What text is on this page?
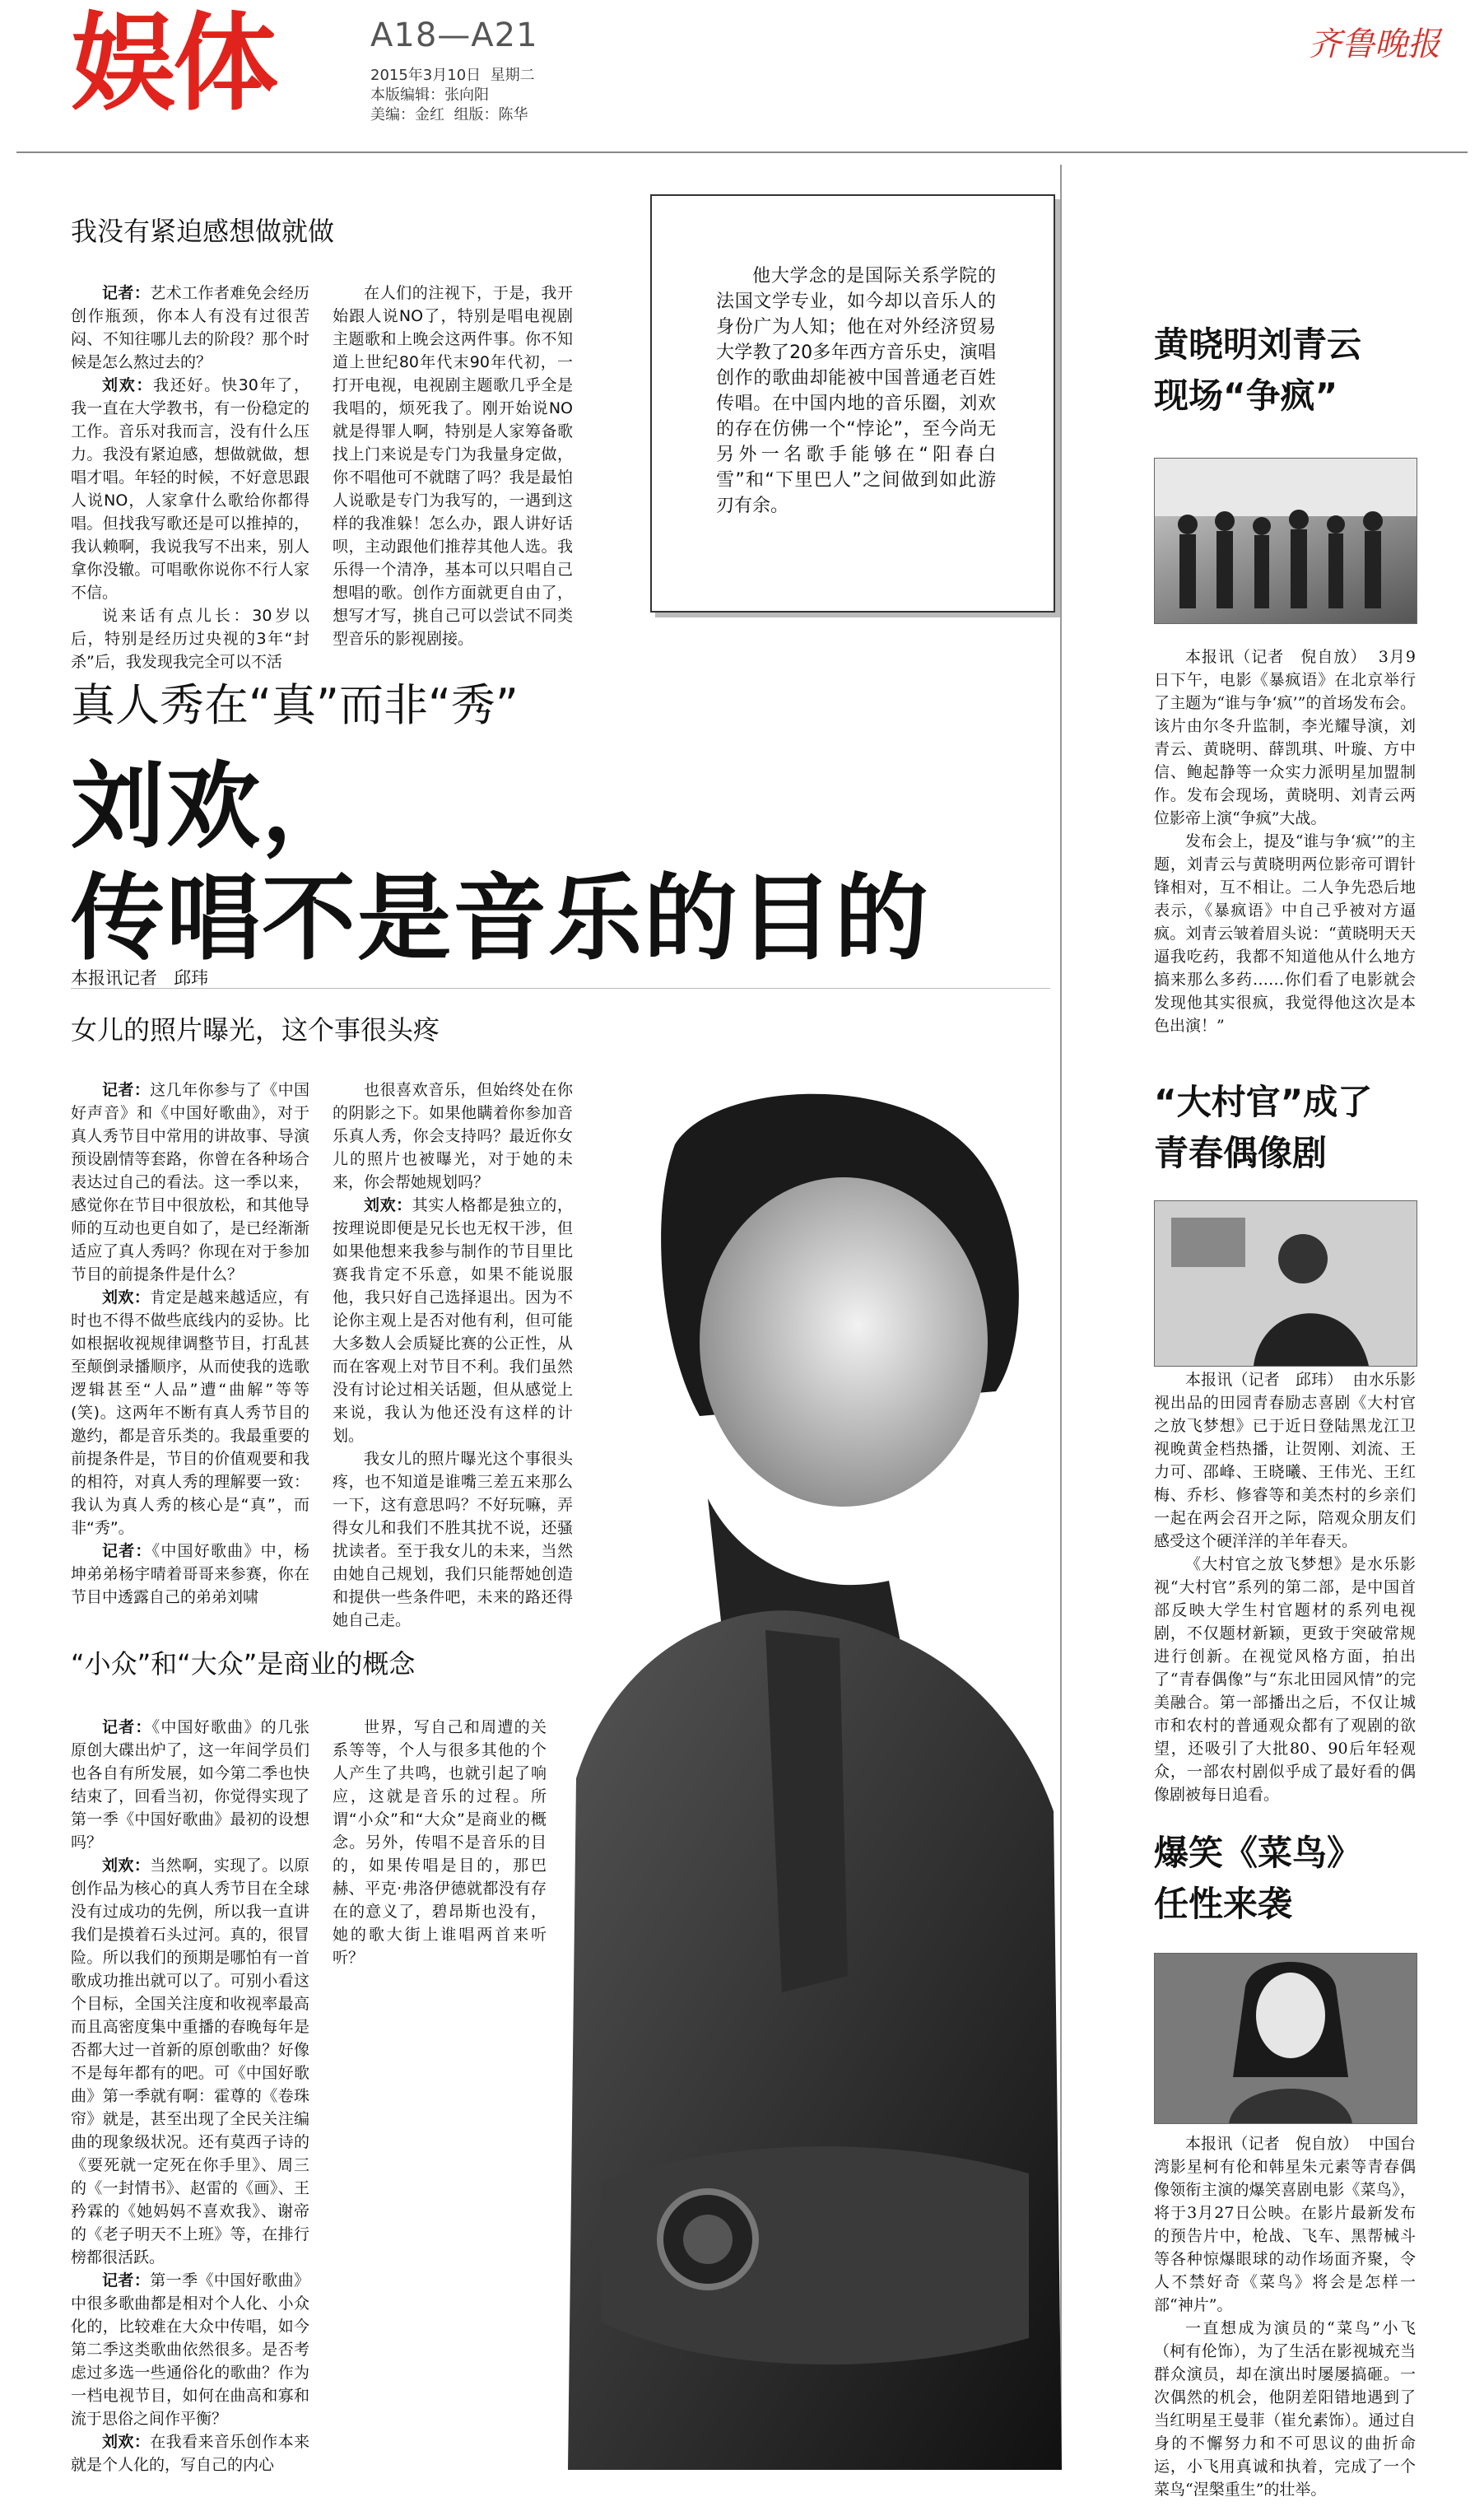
娱体	A18—A21	齐鲁晚报
2015年3月10日 星期二
本版编辑：张向阳
美编：金红 组版：陈华
我没有紧迫感想做就做

记者：艺术工作者难免会经历创作瓶颈，你本人有没有过很苦闷、不知往哪儿去的阶段？那个时候是怎么熬过去的？

刘欢：我还好。快30年了，我一直在大学教书，有一份稳定的工作。音乐对我而言，没有什么压力。我没有紧迫感，想做就做，想唱才唱。年轻的时候，不好意思跟人说NO，人家拿什么歌给你都得唱。但找我写歌还是可以推掉的，我认赖啊，我说我写不出来，别人拿你没辙。可唱歌你说你不行人家不信。

说来话有点儿长：30岁以后，特别是经历过央视的3年“封杀”后，我发现我完全可以不活

在人们的注视下，于是，我开始跟人说NO了，特别是唱电视剧主题歌和上晚会这两件事。你不知道上世纪80年代末90年代初，一打开电视，电视剧主题歌几乎全是我唱的，烦死我了。刚开始说NO就是得罪人啊，特别是人家筹备歌找上门来说是专门为我量身定做，你不唱他可不就瞎了吗？我是最怕人说歌是专门为我写的，一遇到这样的我准躲！怎么办，跟人讲好话呗，主动跟他们推荐其他人选。我乐得一个清净，基本可以只唱自己想唱的歌。创作方面就更自由了，想写才写，挑自己可以尝试不同类型音乐的影视剧接。

他大学念的是国际关系学院的法国文学专业，如今却以音乐人的身份广为人知；他在对外经济贸易大学教了20多年西方音乐史，演唱创作的歌曲却能被中国普通老百姓传唱。在中国内地的音乐圈，刘欢的存在仿佛一个“悖论”，至今尚无另外一名歌手能够在“阳春白雪”和“下里巴人”之间做到如此游刃有余。

真人秀在“真”而非“秀”
刘欢，
传唱不是音乐的目的
本报讯记者 邱玮
女儿的照片曝光，这个事很头疼

记者：这几年你参与了《中国好声音》和《中国好歌曲》，对于真人秀节目中常用的讲故事、导演预设剧情等套路，你曾在各种场合表达过自己的看法。这一季以来，感觉你在节目中很放松，和其他导师的互动也更自如了，是已经渐渐适应了真人秀吗？你现在对于参加节目的前提条件是什么？

刘欢：肯定是越来越适应，有时也不得不做些底线内的妥协。比如根据收视规律调整节目，打乱甚至颠倒录播顺序，从而使我的选歌逻辑甚至“人品”遭“曲解”等等(笑)。这两年不断有真人秀节目的邀约，都是音乐类的。我最重要的前提条件是，节目的价值观要和我的相符，对真人秀的理解要一致：我认为真人秀的核心是“真”，而非“秀”。

记者：《中国好歌曲》中，杨坤弟弟杨宇晴着哥哥来参赛，你在节目中透露自己的弟弟刘啸

也很喜欢音乐，但始终处在你的阴影之下。如果他瞒着你参加音乐真人秀，你会支持吗？最近你女儿的照片也被曝光，对于她的未来，你会帮她规划吗？

刘欢：其实人格都是独立的，按理说即便是兄长也无权干涉，但如果他想来我参与制作的节目里比赛我肯定不乐意，如果不能说服他，我只好自己选择退出。因为不论你主观上是否对他有利，但可能大多数人会质疑比赛的公正性，从而在客观上对节目不利。我们虽然没有讨论过相关话题，但从感觉上来说，我认为他还没有这样的计划。

我女儿的照片曝光这个事很头疼，也不知道是谁嘴三差五来那么一下，这有意思吗？不好玩嘛，弄得女儿和我们不胜其扰不说，还骚扰读者。至于我女儿的未来，当然由她自己规划，我们只能帮她创造和提供一些条件吧，未来的路还得她自己走。

“小众”和“大众”是商业的概念

记者：《中国好歌曲》的几张原创大碟出炉了，这一年间学员们也各自有所发展，如今第二季也快结束了，回看当初，你觉得实现了第一季《中国好歌曲》最初的设想吗？

刘欢：当然啊，实现了。以原创作品为核心的真人秀节目在全球没有过成功的先例，所以我一直讲我们是摸着石头过河。真的，很冒险。所以我们的预期是哪怕有一首歌成功推出就可以了。可别小看这个目标，全国关注度和收视率最高而且高密度集中重播的春晚每年是否都大过一首新的原创歌曲？好像不是每年都有的吧。可《中国好歌曲》第一季就有啊：霍尊的《卷珠帘》就是，甚至出现了全民关注编曲的现象级状况。还有莫西子诗的《要死就一定死在你手里》、周三的《一封情书》、赵雷的《画》、王矜霖的《她妈妈不喜欢我》、谢帝的《老子明天不上班》等，在排行榜都很活跃。

记者：第一季《中国好歌曲》中很多歌曲都是相对个人化、小众化的，比较难在大众中传唱，如今第二季这类歌曲依然很多。是否考虑过多选一些通俗化的歌曲？作为一档电视节目，如何在曲高和寡和流于思俗之间作平衡？

刘欢：在我看来音乐创作本来就是个人化的，写自己的内心

世界，写自己和周遭的关系等等，个人与很多其他的个人产生了共鸣，也就引起了响应，这就是音乐的过程。所谓“小众”和“大众”是商业的概念。另外，传唱不是音乐的目的，如果传唱是目的，那巴赫、平克·弗洛伊德就都没有存在的意义了，碧昂斯也没有，她的歌大街上谁唱两首来听听？

黄晓明刘青云
现场“争疯”

本报讯（记者　倪自放） 3月9日下午，电影《暴疯语》在北京举行了主题为“谁与争‘疯’”的首场发布会。该片由尔冬升监制，李光耀导演，刘青云、黄晓明、薛凯琪、叶璇、方中信、鲍起静等一众实力派明星加盟制作。发布会现场，黄晓明、刘青云两位影帝上演“争疯”大战。

发布会上，提及“谁与争‘疯’”的主题，刘青云与黄晓明两位影帝可谓针锋相对，互不相让。二人争先恐后地表示，《暴疯语》中自己乎被对方逼疯。刘青云皱着眉头说：“黄晓明天天逼我吃药，我都不知道他从什么地方搞来那么多药……你们看了电影就会发现他其实很疯，我觉得他这次是本色出演！”

“大村官”成了
青春偶像剧

本报讯（记者　邱玮） 由水乐影视出品的田园青春励志喜剧《大村官之放飞梦想》已于近日登陆黑龙江卫视晚黄金档热播，让贺刚、刘流、王力可、邵峰、王晓曦、王伟光、王红梅、乔杉、修睿等和美杰村的乡亲们一起在两会召开之际，陪观众朋友们感受这个硬洋洋的羊年春天。

《大村官之放飞梦想》是水乐影视“大村官”系列的第二部，是中国首部反映大学生村官题材的系列电视剧，不仅题材新颖，更致于突破常规进行创新。在视觉风格方面，拍出了“青春偶像”与“东北田园风情”的完美融合。第一部播出之后，不仅让城市和农村的普通观众都有了观剧的欲望，还吸引了大批80、90后年轻观众，一部农村剧似乎成了最好看的偶像剧被每日追看。

爆笑《菜鸟》
任性来袭

本报讯（记者　倪自放） 中国台湾影星柯有伦和韩星朱元素等青春偶像领衔主演的爆笑喜剧电影《菜鸟》，将于3月27日公映。在影片最新发布的预告片中，枪战、飞车、黑帮械斗等各种惊爆眼球的动作场面齐聚，令人不禁好奇《菜鸟》将会是怎样一部“神片”。

一直想成为演员的“菜鸟”小飞（柯有伦饰），为了生活在影视城充当群众演员，却在演出时屡屡搞砸。一次偶然的机会，他阴差阳错地遇到了当红明星王曼菲（崔允素饰）。通过自身的不懈努力和不可思议的曲折命运，小飞用真诚和执着，完成了一个菜鸟“涅槃重生”的壮举。
